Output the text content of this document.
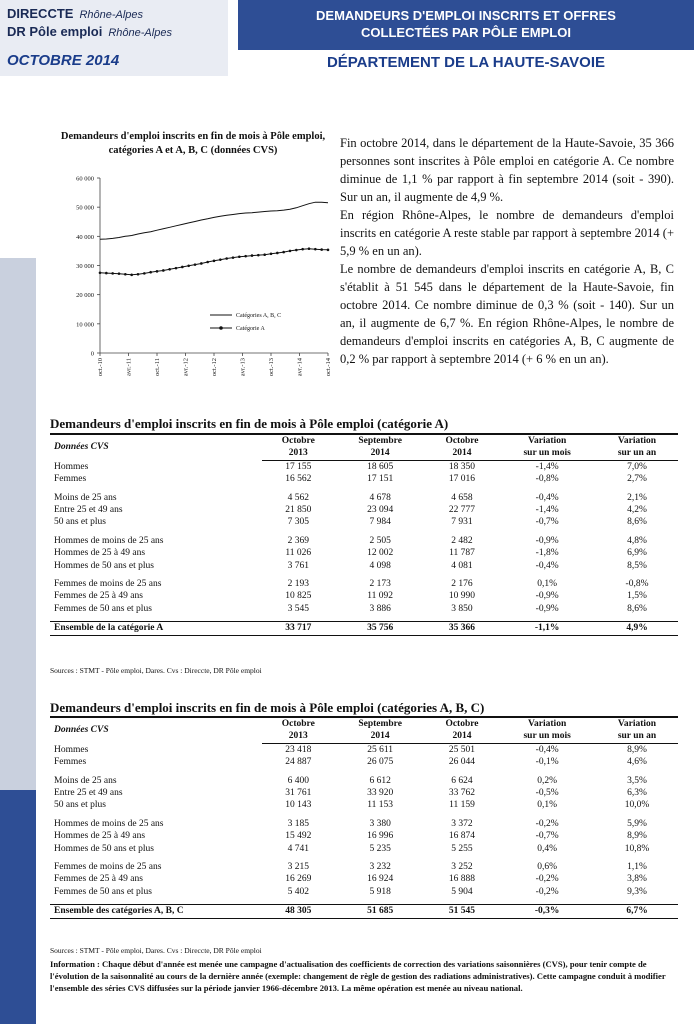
DIRECCTE Rhône-Alpes
DR Pôle emploi Rhône-Alpes
OCTOBRE 2014
DEMANDEURS D'EMPLOI INSCRITS ET OFFRES
COLLECTÉES PAR PÔLE EMPLOI
DÉPARTEMENT DE LA HAUTE-SAVOIE
Demandeurs d'emploi inscrits en fin de mois à Pôle emploi, catégories A et A, B, C (données CVS)
0
10 000
20 000
30 000
40 000
50 000
60 000
oct.-10	avr.-11	oct.-11	avr.-12	oct.-12	avr.-13	oct.-13	avr.-14	oct.-14
Catégories A, B, C
Catégorie A

Fin octobre 2014, dans le département de la Haute-Savoie, 35 366 personnes sont inscrites à Pôle emploi en catégorie A. Ce nombre diminue de 1,1 % par rapport à fin septembre 2014 (soit - 390). Sur un an, il augmente de 4,9 %.

En région Rhône-Alpes, le nombre de demandeurs d'emploi inscrits en catégorie A reste stable par rapport à septembre 2014 (+ 5,9 % en un an).

Le nombre de demandeurs d'emploi inscrits en catégorie A, B, C s'établit à 51 545 dans le département de la Haute-Savoie, fin octobre 2014. Ce nombre diminue de 0,3 % (soit - 140). Sur un an, il augmente de 6,7 %. En région Rhône-Alpes, le nombre de demandeurs d'emploi inscrits en catégories A, B, C augmente de 0,2 % par rapport à septembre 2014 (+ 6 % en un an).

Demandeurs d'emploi inscrits en fin de mois à Pôle emploi (catégorie A)
Données CVS	Octobre	Septembre	Octobre	Variation	Variation
	2013	2014	2014	sur un mois	sur un an
Hommes	17 155	18 605	18 350	-1,4%	7,0%
Femmes	16 562	17 151	17 016	-0,8%	2,7%

Moins de 25 ans	4 562	4 678	4 658	-0,4%	2,1%
Entre 25 et 49 ans	21 850	23 094	22 777	-1,4%	4,2%
50 ans et plus	7 305	7 984	7 931	-0,7%	8,6%

Hommes de moins de 25 ans	2 369	2 505	2 482	-0,9%	4,8%
Hommes de 25 à 49 ans	11 026	12 002	11 787	-1,8%	6,9%
Hommes de 50 ans et plus	3 761	4 098	4 081	-0,4%	8,5%

Femmes de moins de 25 ans	2 193	2 173	2 176	0,1%	-0,8%
Femmes de 25 à 49 ans	10 825	11 092	10 990	-0,9%	1,5%
Femmes de 50 ans et plus	3 545	3 886	3 850	-0,9%	8,6%

Ensemble de la catégorie A	33 717	35 756	35 366	-1,1%	4,9%
Sources : STMT - Pôle emploi, Dares. Cvs : Direccte, DR Pôle emploi
Demandeurs d'emploi inscrits en fin de mois à Pôle emploi (catégories A, B, C)
Données CVS	Octobre	Septembre	Octobre	Variation	Variation
	2013	2014	2014	sur un mois	sur un an
Hommes	23 418	25 611	25 501	-0,4%	8,9%
Femmes	24 887	26 075	26 044	-0,1%	4,6%

Moins de 25 ans	6 400	6 612	6 624	0,2%	3,5%
Entre 25 et 49 ans	31 761	33 920	33 762	-0,5%	6,3%
50 ans et plus	10 143	11 153	11 159	0,1%	10,0%

Hommes de moins de 25 ans	3 185	3 380	3 372	-0,2%	5,9%
Hommes de 25 à 49 ans	15 492	16 996	16 874	-0,7%	8,9%
Hommes de 50 ans et plus	4 741	5 235	5 255	0,4%	10,8%

Femmes de moins de 25 ans	3 215	3 232	3 252	0,6%	1,1%
Femmes de 25 à 49 ans	16 269	16 924	16 888	-0,2%	3,8%
Femmes de 50 ans et plus	5 402	5 918	5 904	-0,2%	9,3%

Ensemble des catégories A, B, C	48 305	51 685	51 545	-0,3%	6,7%
Sources : STMT - Pôle emploi, Dares. Cvs : Direccte, DR Pôle emploi
Information : Chaque début d'année est menée une campagne d'actualisation des coefficients de correction des variations saisonnières (CVS), pour tenir compte de l'évolution de la saisonnalité au cours de la dernière année (exemple: changement de règle de gestion des radiations administratives). Cette campagne conduit à modifier l'ensemble des séries CVS diffusées sur la période janvier 1966-décembre 2013. La même opération est menée au niveau national.
